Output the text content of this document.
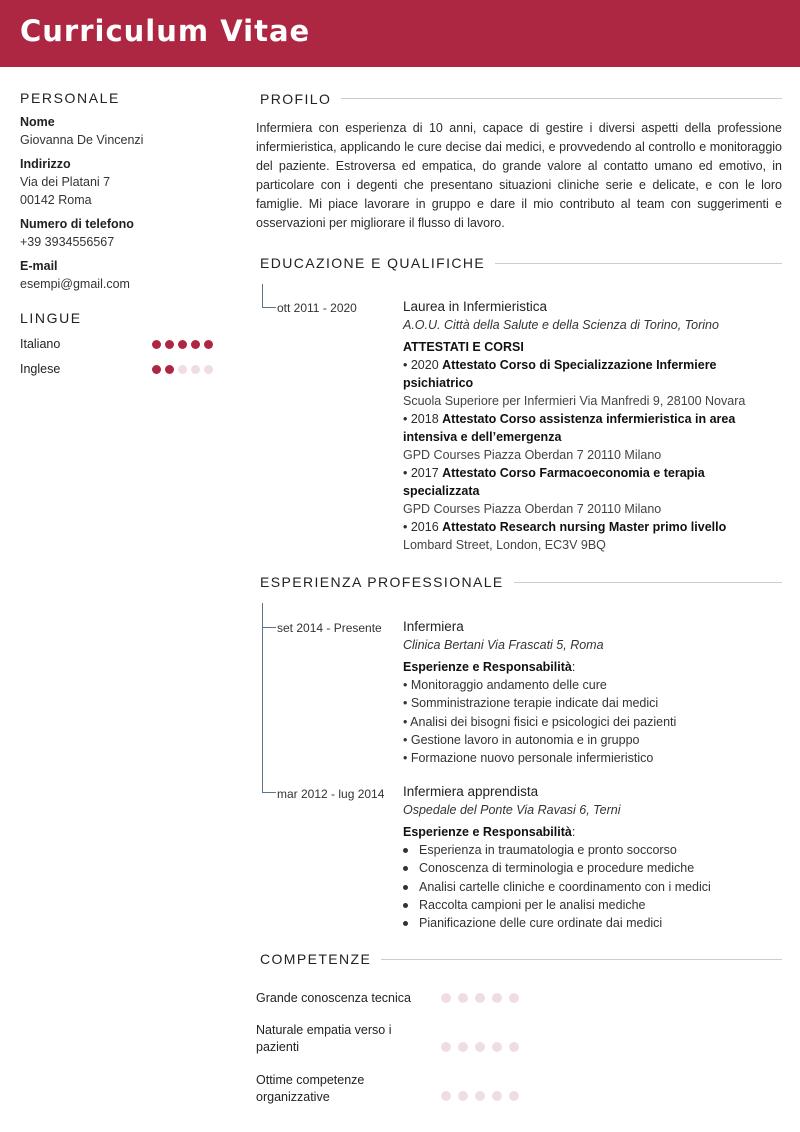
Curriculum Vitae
PERSONALE
Nome
Giovanna De Vincenzi
Indirizzo
Via dei Platani 7
00142 Roma
Numero di telefono
+39 3934556567
E-mail
esempi@gmail.com
LINGUE
Italiano
Inglese
PROFILO
Infermiera con esperienza di 10 anni, capace di gestire i diversi aspetti della professione infermieristica, applicando le cure decise dai medici, e provvedendo al controllo e monitoraggio del paziente. Estroversa ed empatica, do grande valore al contatto umano ed emotivo, in particolare con i degenti che presentano situazioni cliniche serie e delicate, e con le loro famiglie. Mi piace lavorare in gruppo e dare il mio contributo al team con suggerimenti e osservazioni per migliorare il flusso di lavoro.
EDUCAZIONE E QUALIFICHE
ott 2011 - 2020	Laurea in Infermieristica
A.O.U. Città della Salute e della Scienza di Torino, Torino
ATTESTATI E CORSI
• 2020 Attestato Corso di Specializzazione Infermiere psichiatrico
Scuola Superiore per Infermieri Via Manfredi 9, 28100 Novara
• 2018 Attestato Corso assistenza infermieristica in area intensiva e dell’emergenza
GPD Courses Piazza Oberdan 7 20110 Milano
• 2017 Attestato Corso Farmacoeconomia e terapia specializzata
GPD Courses Piazza Oberdan 7 20110 Milano
• 2016 Attestato Research nursing Master primo livello
Lombard Street, London, EC3V 9BQ
ESPERIENZA PROFESSIONALE
set 2014 - Presente Infermiera
Clinica Bertani Via Frascati 5, Roma
Esperienze e Responsabilità:
• Monitoraggio andamento delle cure
• Somministrazione terapie indicate dai medici
• Analisi dei bisogni fisici e psicologici dei pazienti
• Gestione lavoro in autonomia e in gruppo
• Formazione nuovo personale infermieristico
mar 2012 - lug 2014 Infermiera apprendista
Ospedale del Ponte Via Ravasi 6, Terni
Esperienze e Responsabilità:
Esperienza in traumatologia e pronto soccorso
Conoscenza di terminologia e procedure mediche
Analisi cartelle cliniche e coordinamento con i medici
Raccolta campioni per le analisi mediche
Pianificazione delle cure ordinate dai medici
COMPETENZE
Grande conoscenza tecnica
Naturale empatia verso i pazienti
Ottime competenze organizzative
